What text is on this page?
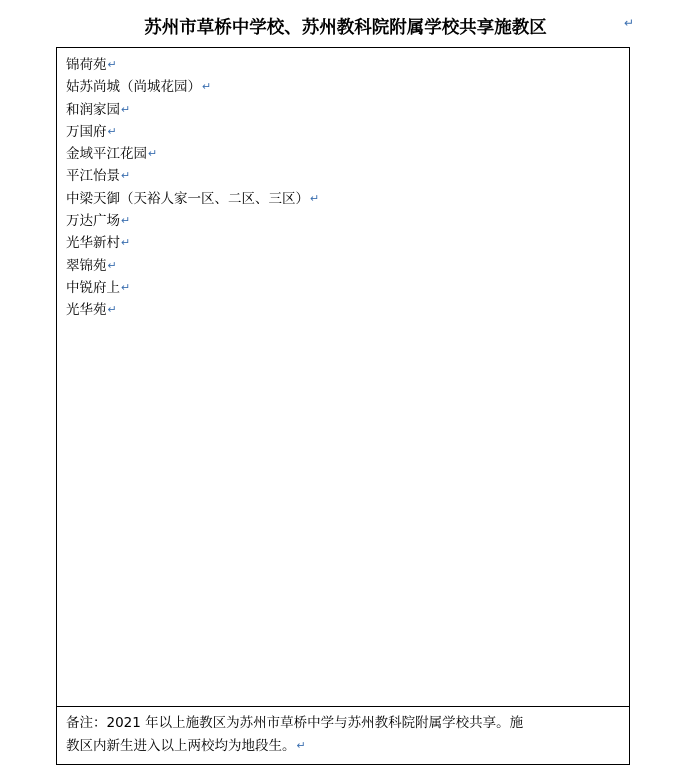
苏州市草桥中学校、苏州教科院附属学校共享施教区	↵
锦荷苑↵
姑苏尚城（尚城花园）↵
和润家园↵
万国府↵
金域平江花园↵
平江怡景↵
中梁天御（天裕人家一区、二区、三区）↵
万达广场↵
光华新村↵
翠锦苑↵
中锐府上↵
光华苑↵
备注：2021 年以上施教区为苏州市草桥中学与苏州教科院附属学校共享。施
教区内新生进入以上两校均为地段生。↵
